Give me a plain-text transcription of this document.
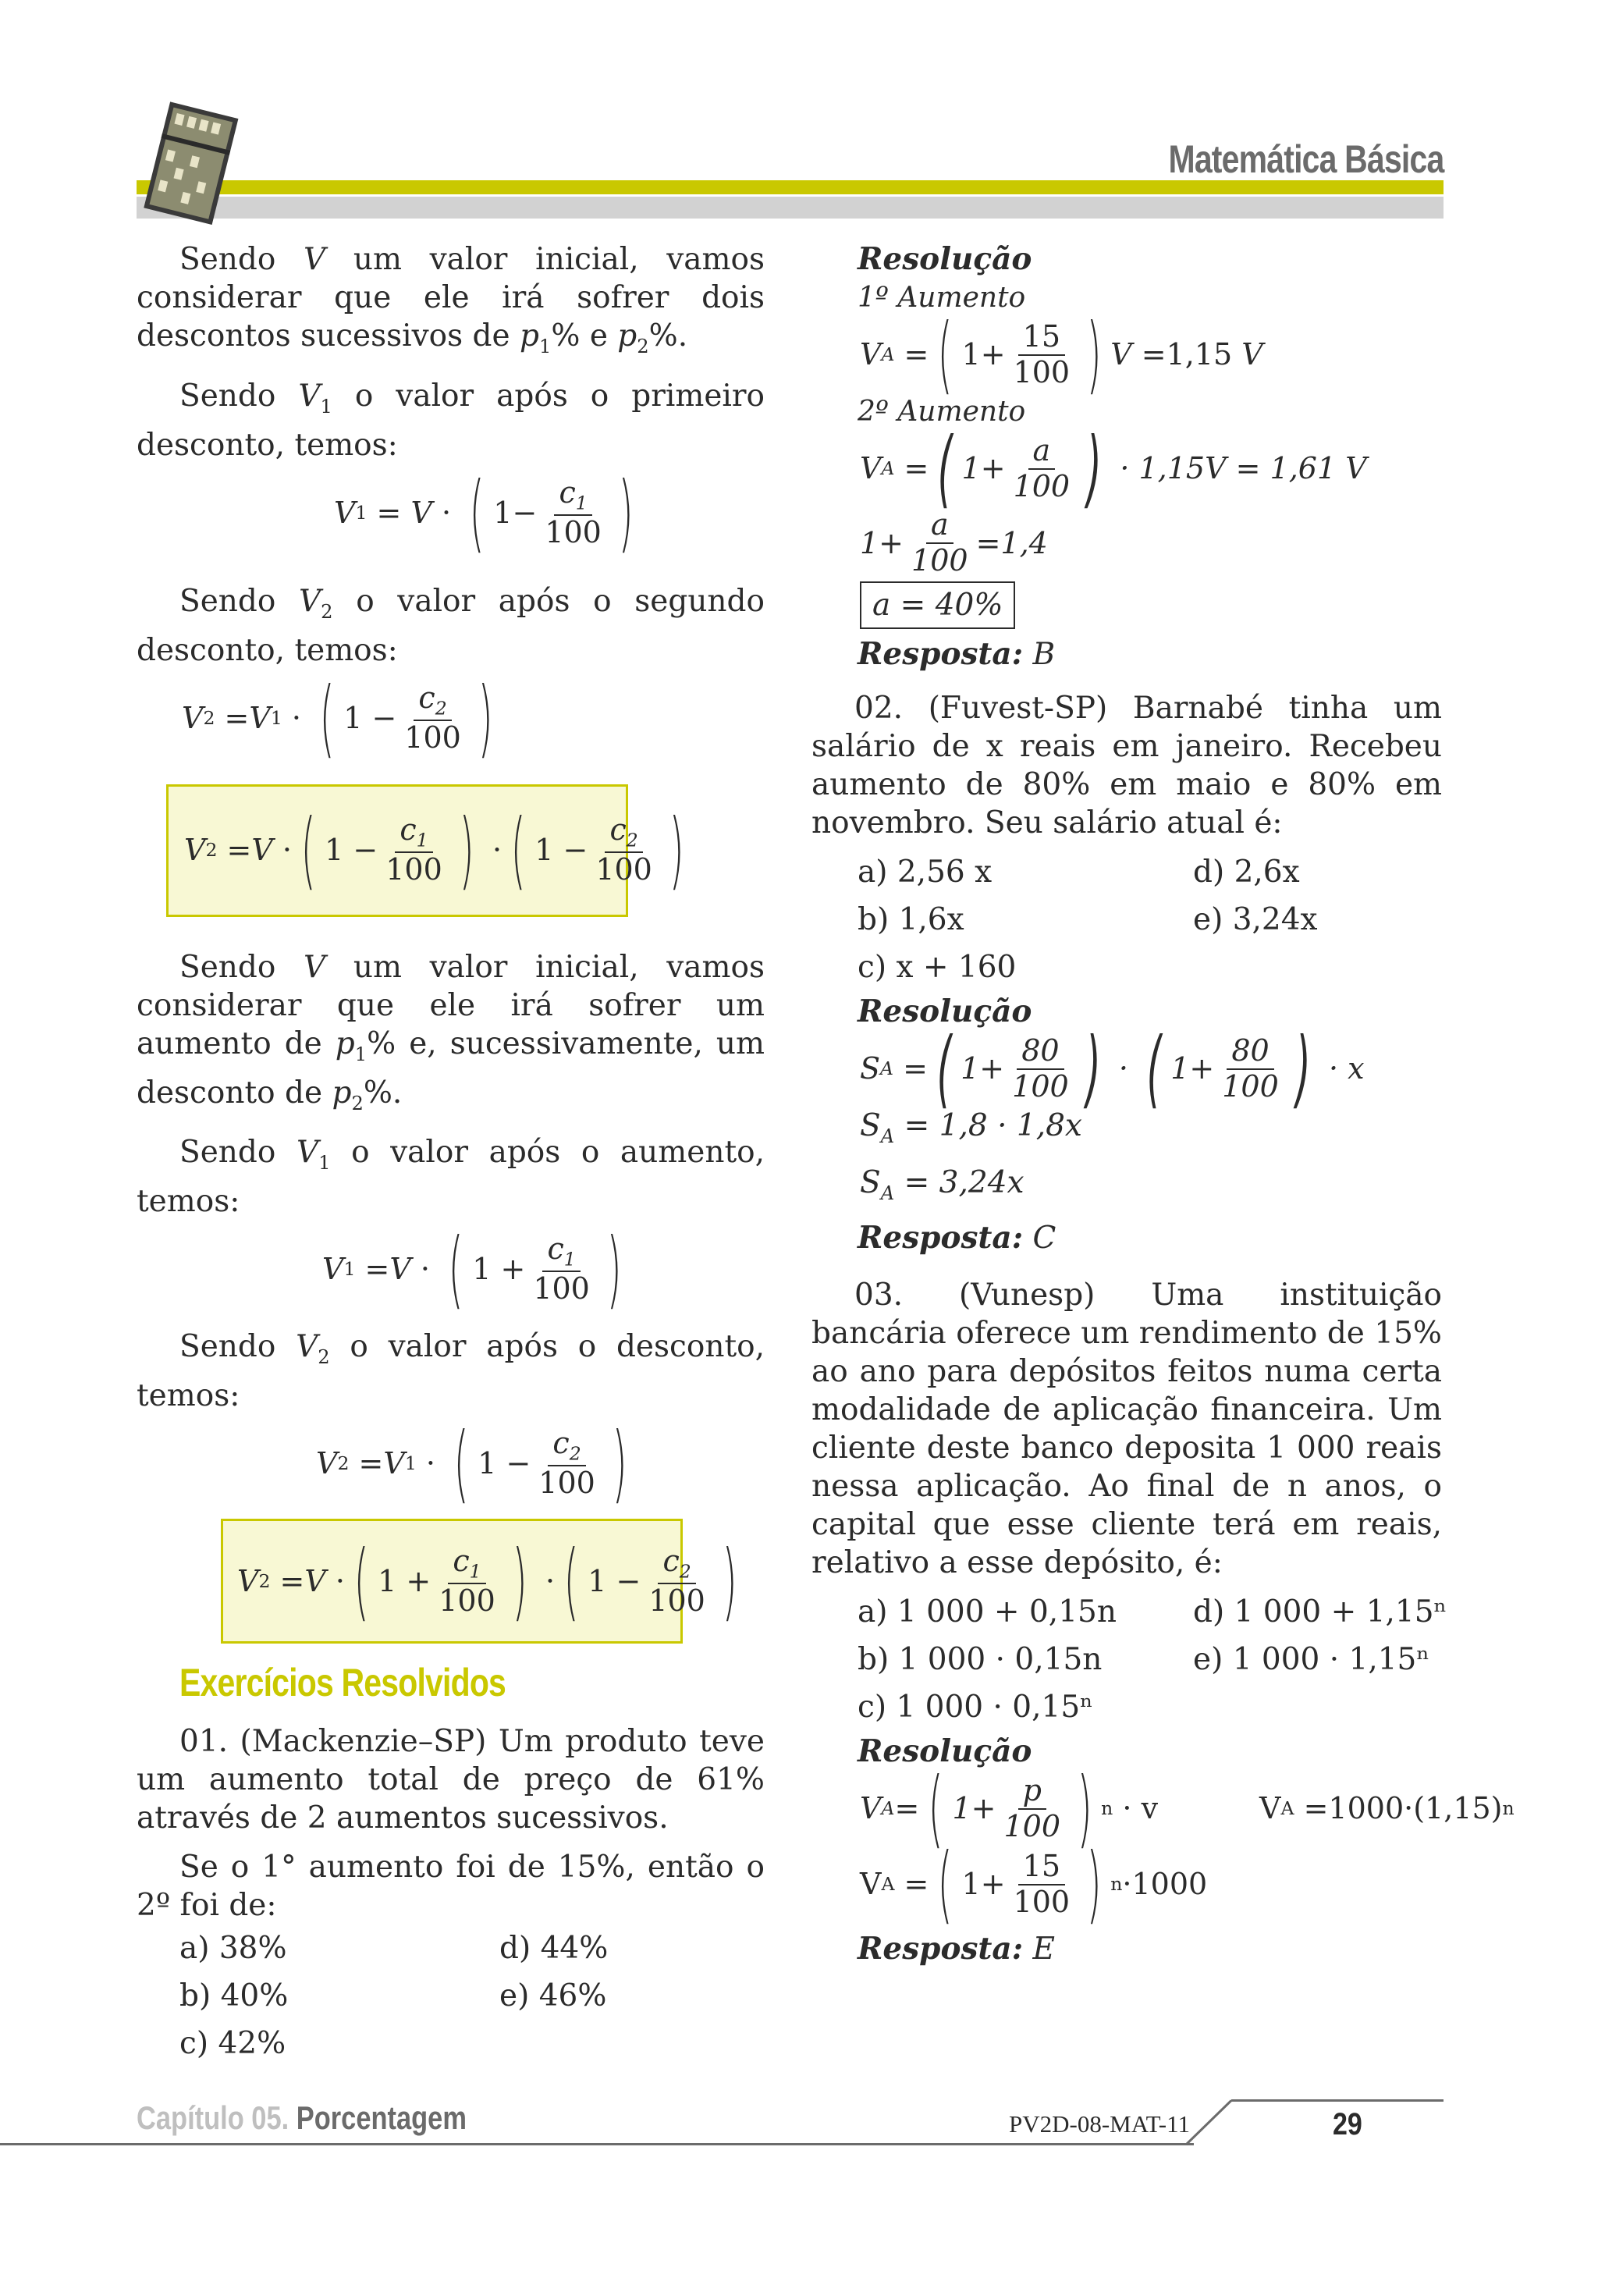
Matemática Básica

Sendo V um valor inicial, vamos considerar que ele irá sofrer dois descontos sucessivos de $p_1\%$ e $p_2\%$.

Sendo $V_1$ o valor após o primeiro desconto, temos:

V 1 = V · ( $1- \frac{c_1}{100}$ )

Sendo $V_2$ o valor após o segundo desconto, temos:

V 2 = V 1 · ( $1 - \frac{c_2}{100}$ )
V 2 = V · ( $1 - \frac{c_1}{100}$ ) · ( $1 - \frac{c_2}{100}$ )

Sendo V um valor inicial, vamos considerar que ele irá sofrer um aumento de $p_1\%$ e, sucessivamente, um desconto de $p_2\%$.

Sendo $V_1$ o valor após o aumento, temos:

V 1 = V · ( $1 + \frac{c_1}{100}$ )

Sendo $V_2$ o valor após o desconto, temos:

V 2 = V 1 · ( $1 - \frac{c_2}{100}$ )
V 2 = V · ( $1 + \frac{c_1}{100}$ ) · ( $1 - \frac{c_2}{100}$ )
Exercícios Resolvidos

01. (Mackenzie–SP) Um produto teve um aumento total de preço de 61% através de 2 aumentos sucessivos.

Se o 1° aumento foi de 15%, então o 2º foi de:

a) 38%	d) 44%
b) 40%	e) 46%
c) 42%
Resolução
1º Aumento
V A = ( $1+ \frac{15}{100}$ ) V =1,15 V
2º Aumento
V A = ( $1+ \frac{a}{100}$ ) · 1,15V = 1,61 V
$1+ \frac{a}{100} =1,4$
a = 40%
Resposta: B

02. (Fuvest-SP) Barnabé tinha um salário de x reais em janeiro. Recebeu aumento de 80% em maio e 80% em novembro. Seu salário atual é:

a) 2,56 x	d) 2,6x
b) 1,6x	e) 3,24x
c) x + 160
Resolução
S A = ( $1+ \frac{80}{100}$ ) · ( $1+ \frac{80}{100}$ ) · x
$S_A = 1,8 \cdot 1,8x$
$S_A = 3,24x$
Resposta: C

03. (Vunesp) Uma instituição bancária oferece um rendimento de 15% ao ano para depósitos feitos numa certa modalidade de aplicação financeira. Um cliente deste banco deposita 1 000 reais nessa aplicação. Ao final de n anos, o capital que esse cliente terá em reais, relativo a esse depósito, é:

a) 1 000 + 0,15n	d) 1 000 + 1,15ⁿ
b) 1 000 · 0,15n	e) 1 000 · 1,15ⁿ
c) 1 000 · 0,15ⁿ
Resolução
V A = ( $1+ \frac{p}{100}$ ) n · v	V A =1000·(1,15) n
V A = ( $1+ \frac{15}{100}$ ) n ·1000
Resposta: E
Capítulo 05. Porcentagem	PV2D-08-MAT-11	29
